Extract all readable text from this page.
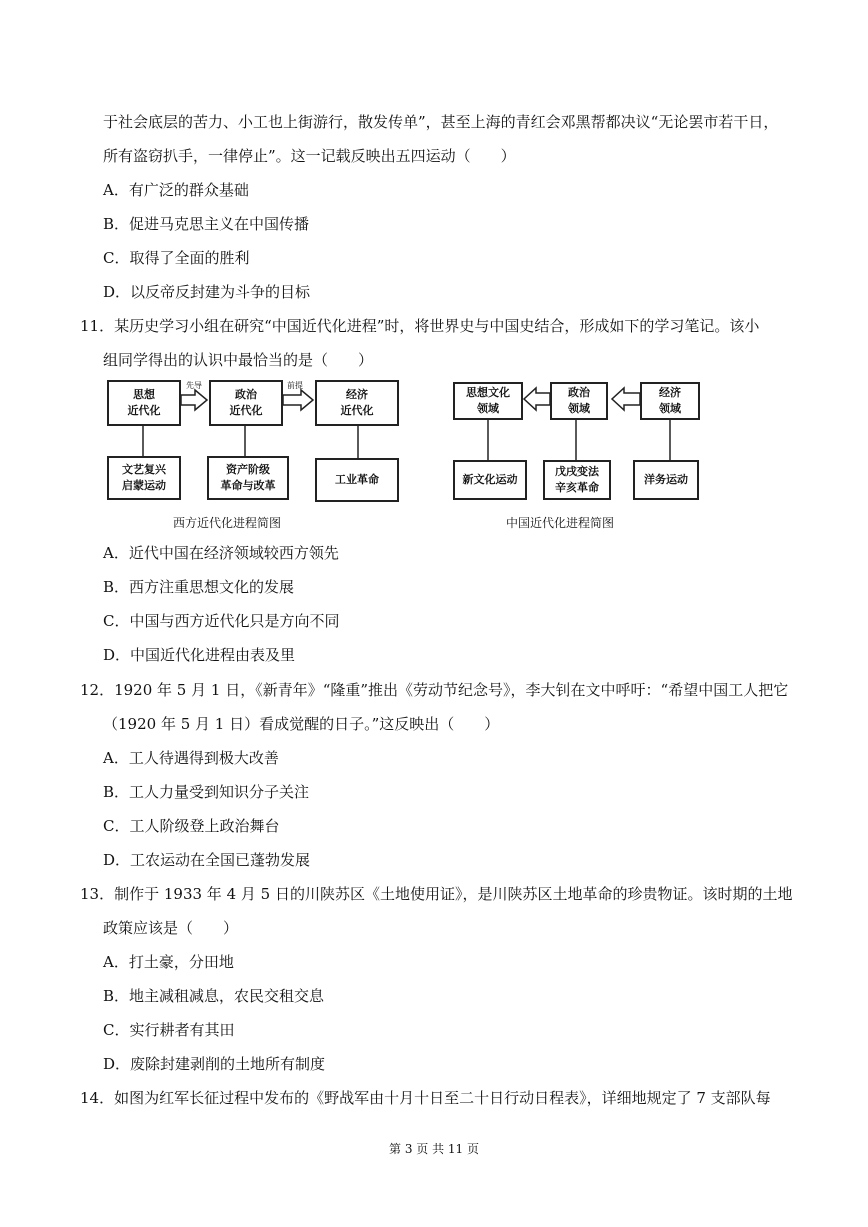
于社会底层的苦力、小工也上街游行，散发传单”，甚至上海的青红会邓黑帮都决议“无论罢市若干日，
所有盗窃扒手，一律停止”。这一记载反映出五四运动（　　）
A．有广泛的群众基础
B．促进马克思主义在中国传播
C．取得了全面的胜利
D．以反帝反封建为斗争的目标
11．某历史学习小组在研究“中国近代化进程”时，将世界史与中国史结合，形成如下的学习笔记。该小
组同学得出的认识中最恰当的是（　　）
思想
近代化
先导
政治
近代化
前提
经济
近代化
文艺复兴
启蒙运动
资产阶级
革命与改革	工业革命
西方近代化进程简图
思想文化
领域
政治
领域
经济
领域
新文化运动
戊戌变法
辛亥革命
洋务运动
中国近代化进程简图
A．近代中国在经济领域较西方领先
B．西方注重思想文化的发展
C．中国与西方近代化只是方向不同
D．中国近代化进程由表及里
12．1920 年 5 月 1 日，《新青年》“隆重”推出《劳动节纪念号》，李大钊在文中呼吁：“希望中国工人把它
（1920 年 5 月 1 日）看成觉醒的日子。”这反映出（　　）
A．工人待遇得到极大改善
B．工人力量受到知识分子关注
C．工人阶级登上政治舞台
D．工农运动在全国已蓬勃发展
13．制作于 1933 年 4 月 5 日的川陕苏区《土地使用证》，是川陕苏区土地革命的珍贵物证。该时期的土地
政策应该是（　　）
A．打土豪，分田地
B．地主减租减息，农民交租交息
C．实行耕者有其田
D．废除封建剥削的土地所有制度
14．如图为红军长征过程中发布的《野战军由十月十日至二十日行动日程表》，详细地规定了 7 支部队每
第 3 页 共 11 页
